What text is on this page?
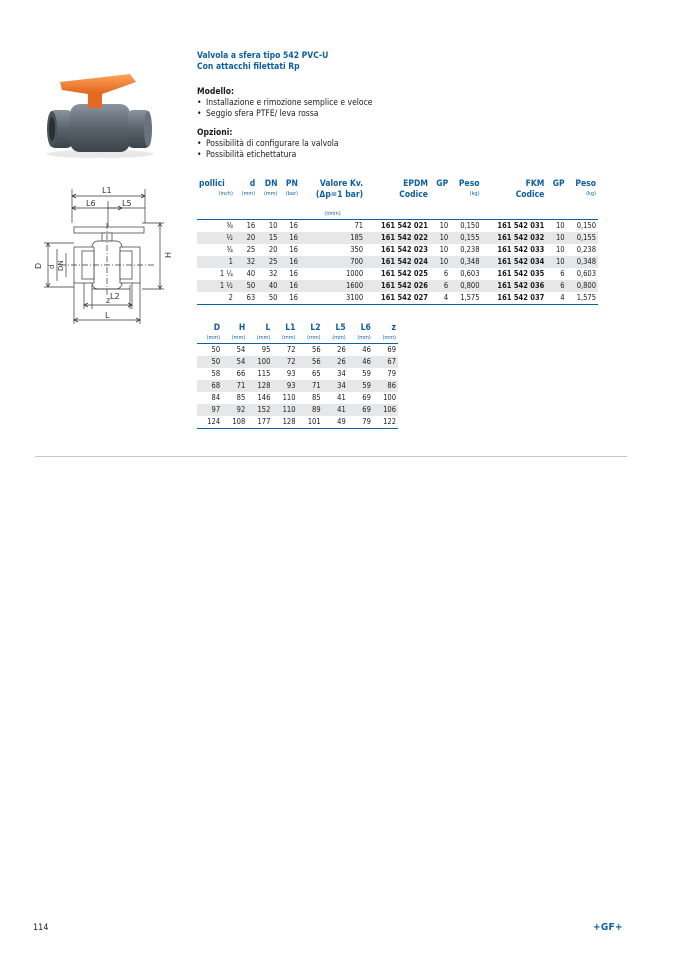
Valvola a sfera tipo 542 PVC-U
Con attacchi filettati Rp
Modello:
• Installazione e rimozione semplice e veloce
• Seggio sfera PTFE/ leva rossa
Opzioni:
• Possibilità di configurare la valvola
• Possibilità etichettatura
L1
L6	L5
D d DN
H
L2
z
L
pollici	d	DN	PN	Valore Kv.	EPDM	GP	Peso	FKM	GP	Peso
				(Δp=1 bar)	Codice			Codice		
(inch)	(mm)	(mm)	(bar)				(kg)			(kg)
				(l/min)						
⅜	16	10	16	71	161 542 021	10	0,150	161 542 031	10	0,150
½	20	15	16	185	161 542 022	10	0,155	161 542 032	10	0,155
¾	25	20	16	350	161 542 023	10	0,238	161 542 033	10	0,238
1	32	25	16	700	161 542 024	10	0,348	161 542 034	10	0,348
1 ¼	40	32	16	1000	161 542 025	6	0,603	161 542 035	6	0,603
1 ½	50	40	16	1600	161 542 026	6	0,800	161 542 036	6	0,800
2	63	50	16	3100	161 542 027	4	1,575	161 542 037	4	1,575
D	H	L	L1	L2	L5	L6	z
(mm)	(mm)	(mm)	(mm)	(mm)	(mm)	(mm)	(mm)
50	54	95	72	56	26	46	69
50	54	100	72	56	26	46	67
58	66	115	93	65	34	59	79
68	71	128	93	71	34	59	86
84	85	146	110	85	41	69	100
97	92	152	110	89	41	69	106
124	108	177	128	101	49	79	122
114	+GF+
